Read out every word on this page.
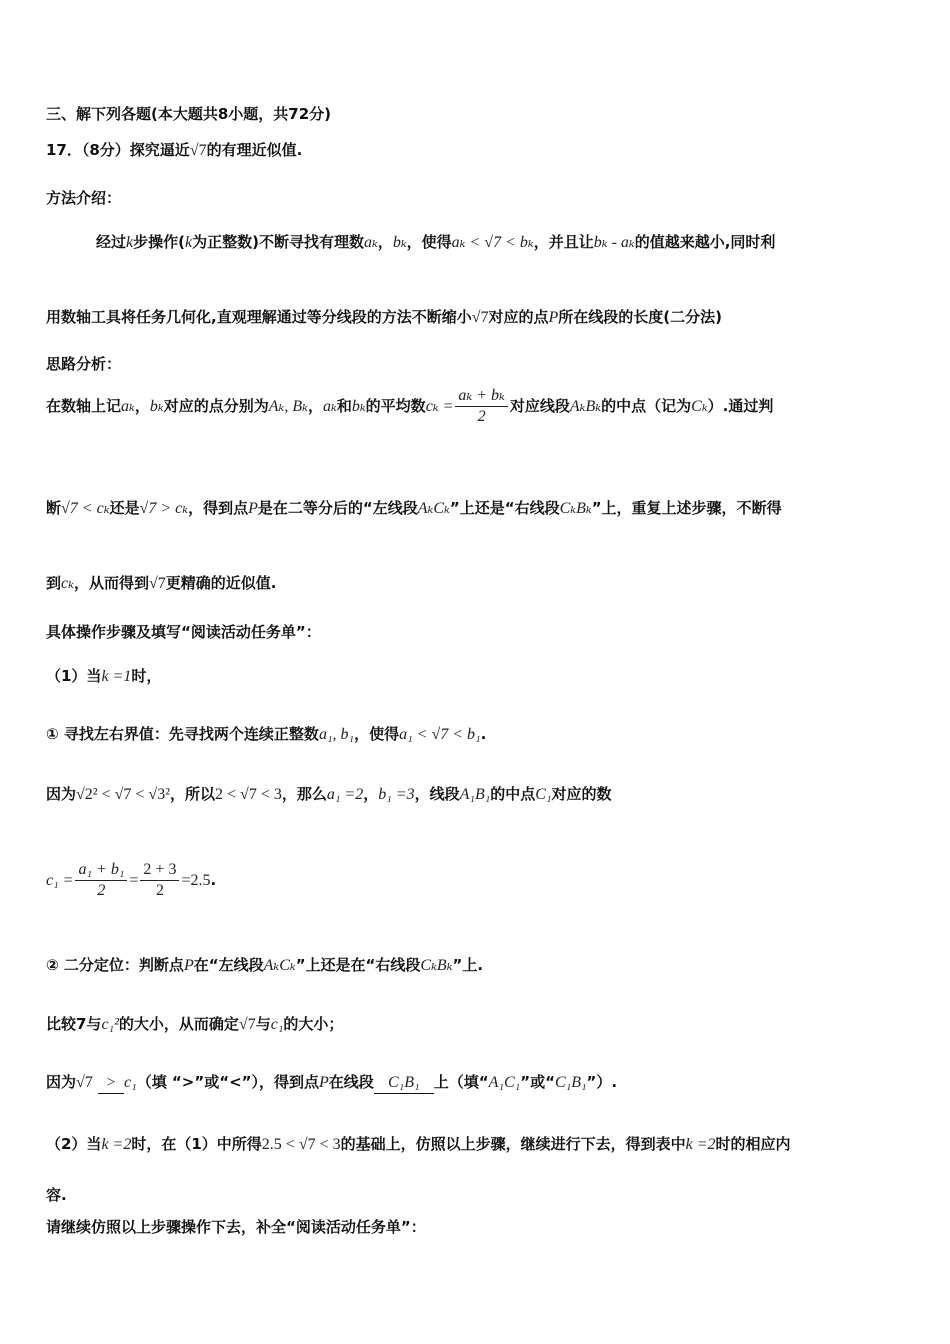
三、解下列各题(本大题共8小题，共72分)
17．（8分）探究逼近√7的有理近似值.
方法介绍：
经过k步操作(k为正整数)不断寻找有理数aₖ，bₖ，使得aₖ < √7 < bₖ，并且让bₖ - aₖ的值越来越小,同时利
用数轴工具将任务几何化,直观理解通过等分线段的方法不断缩小√7对应的点P所在线段的长度(二分法)
思路分析：
在数轴上记aₖ，bₖ对应的点分别为Aₖ, Bₖ，aₖ和bₖ的平均数$c_k = \frac{\text{aₖ + bₖ}}{2}$ 对应线段AₖBₖ的中点（记为Cₖ）.通过判
断√7 < cₖ还是√7 > cₖ，得到点P是在二等分后的“左线段AₖCₖ”上还是“右线段CₖBₖ”上，重复上述步骤，不断得
到cₖ，从而得到√7更精确的近似值.
具体操作步骤及填写“阅读活动任务单”：
（1）当k =1时，
① 寻找左右界值：先寻找两个连续正整数a₁, b₁，使得a₁ < √7 < b₁.
因为√2² < √7 < √3²，所以2 < √7 < 3，那么a₁ =2，b₁ =3，线段A₁B₁的中点C₁对应的数
$c_1 = \frac{\text{a₁ + b₁}}{2} = \frac{2 + 3}{2} =2.5$.
② 二分定位：判断点P在“左线段AₖCₖ”上还是在“右线段CₖBₖ”上.
比较7与c₁²的大小，从而确定√7与c₁的大小；
因为√7 > c₁（填 “>”或“<”），得到点P在线段 C₁B₁ 上（填“A₁C₁”或“C₁B₁”）.
（2）当k =2时，在（1）中所得2.5 < √7 < 3的基础上，仿照以上步骤，继续进行下去，得到表中k =2时的相应内
容.
请继续仿照以上步骤操作下去，补全“阅读活动任务单”：
